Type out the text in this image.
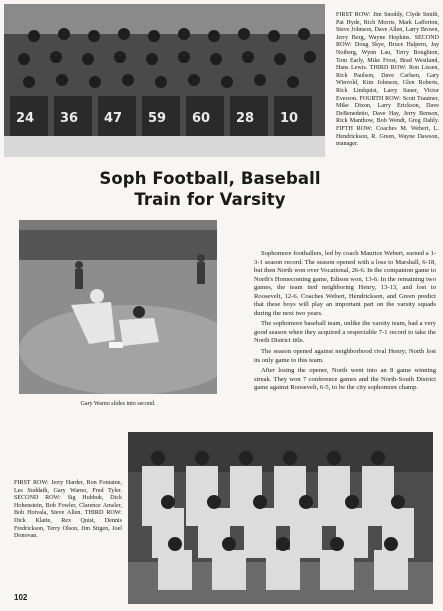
24 36 47 59 60 28 10

FIRST ROW: Jim Snoddy, Clyde Smith, Pat Hyde, Rich Morris, Mark Lafferton, Steve Johnson, Dave Allen, Larry Brown, Jerry Berg, Wayne Hopkins. SECOND ROW: Doug Skye, Bruce Halpern, Jay Noiberg, Wynn Lau, Terry Boughton, Tom Early, Mike Frost, Brad Westlund, Hans Lewis. THIRD ROW: Ron Lissen, Rick Paulson, Dave Carlsen, Gary Winvold, Kim Johnson, Glen Roberts, Rick Lindquist, Larry Sauer, Victor Everson. FOURTH ROW: Scott Trautner, Mike Dixon, Larry Erickson, Dave DeBenedetto, Dave Hay, Jerry Benson, Rick Manthow, Bob Wendt, Greg Dahly. FIFTH ROW: Coaches M. Webert, L. Hendrickson, R. Green, Wayne Dawson, manager.

Soph Football, Baseball
Train for Varsity

Gary Warno slides into second.

Sophomore footballers, led by coach Maurice Webert, earned a 1-3-1 season record. The season opened with a loss to Marshall, 6-18, but then North won over Vocational, 26-6. In the companion game to North's Homecoming game, Edison won, 13-6. In the remaining two games, the team tied neighboring Henry, 13-13, and lost to Roosevelt, 12-6. Coaches Webert, Hendrickson, and Green predict that these boys will play an important part on the varsity squads during the next two years.

The sophomore baseball team, unlike the varsity team, had a very good season when they acquired a respectable 7-1 record to take the North District title.

The season opened against neighborhood rival Henry; North lost its only game to this team.

After losing the opener, North went into an 8 game winning streak. They won 7 conference games and the North-South District game against Roosevelt, 6-5, to be the city sophomore champ.

FIRST ROW: Jerry Harder, Ron Fontaine, Les Suddath, Gary Warno, Fred Tyler. SECOND ROW: Sig Hubbuk, Dick Hohenstein, Bob Fowler, Clarence Amsler, Bob Hoivala, Steve Allen. THIRD ROW: Dick Klatte, Rex Quist, Dennis Fredrickson, Terry Olson, Jim Stigen, Joel Donovan.

102
